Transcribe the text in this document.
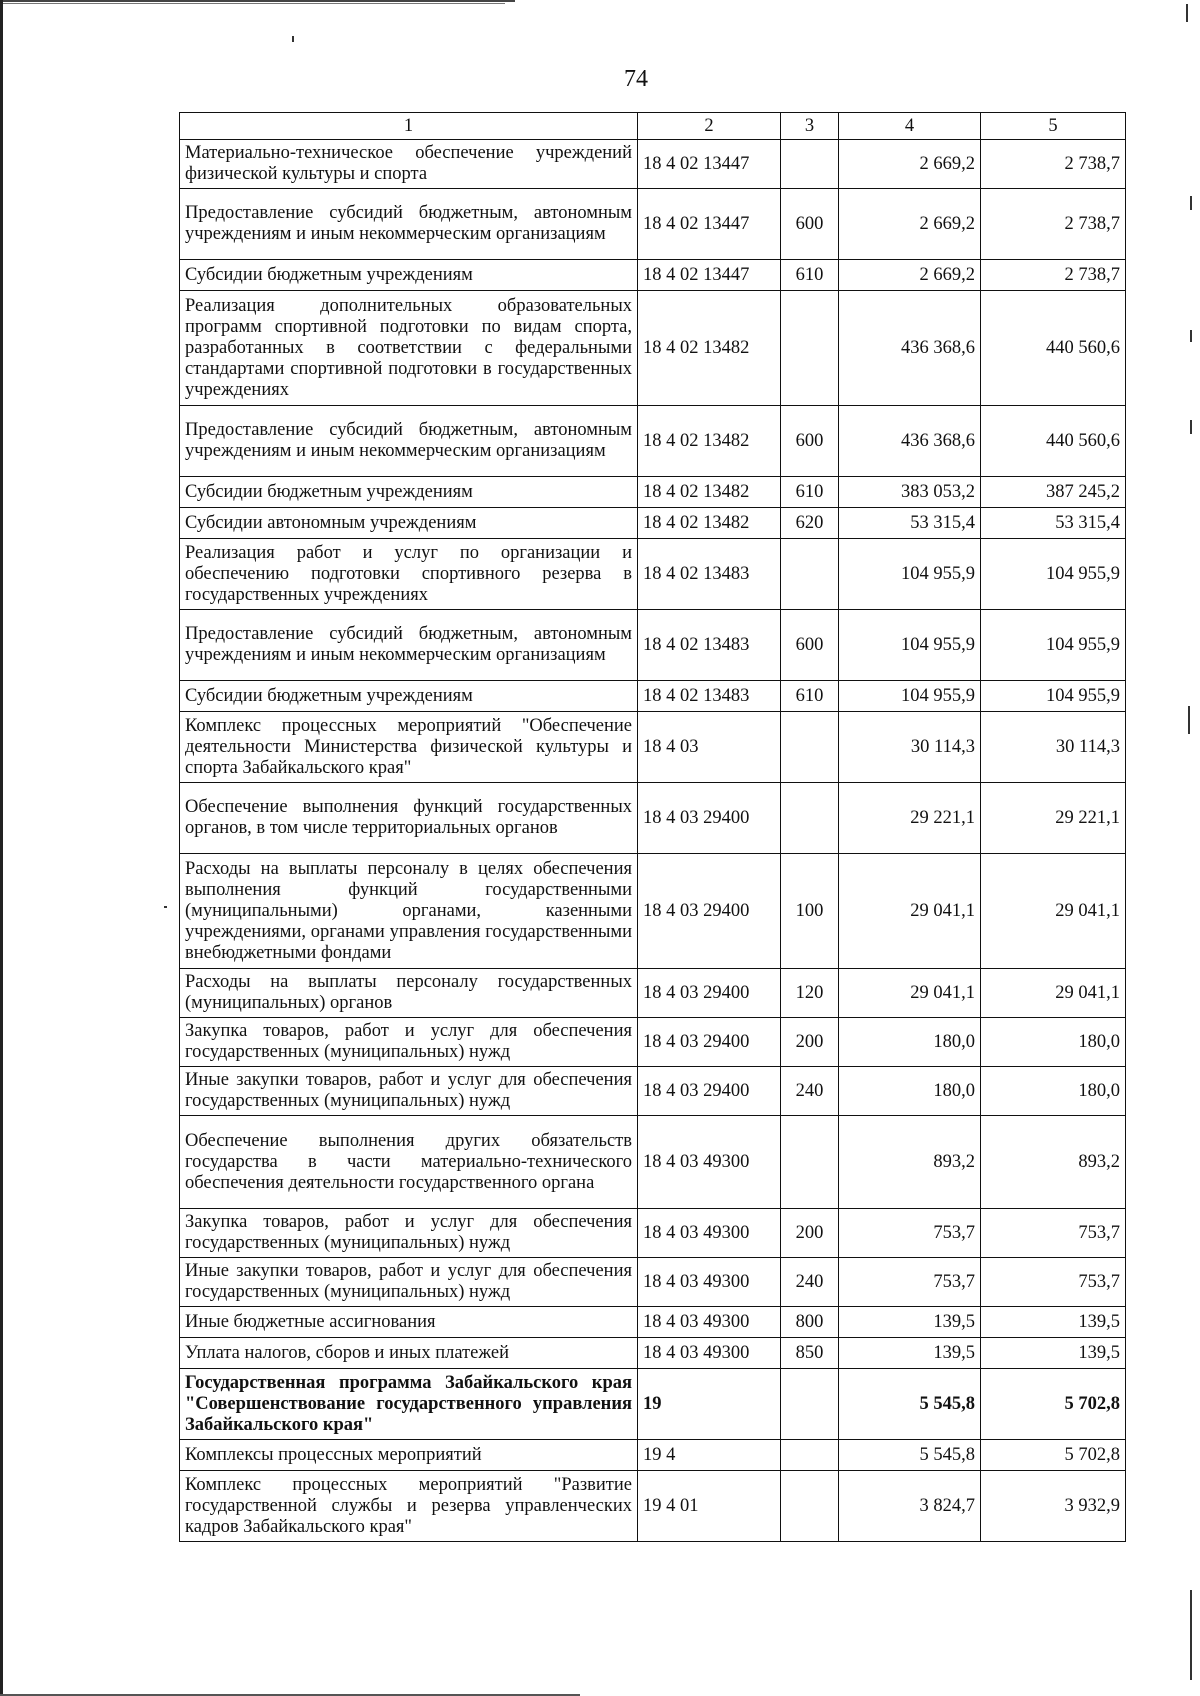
74
1	2	3	4	5
Материально-техническое обеспечение учреждений физической культуры и спорта	18 4 02 13447		2 669,2	2 738,7
Предоставление субсидий бюджетным, автономным учреждениям и иным некоммерческим организациям	18 4 02 13447	600	2 669,2	2 738,7
Субсидии бюджетным учреждениям	18 4 02 13447	610	2 669,2	2 738,7
Реализация дополнительных образовательных программ спортивной подготовки по видам спорта, разработанных в соответствии с федеральными стандартами спортивной подготовки в государственных учреждениях	18 4 02 13482		436 368,6	440 560,6
Предоставление субсидий бюджетным, автономным учреждениям и иным некоммерческим организациям	18 4 02 13482	600	436 368,6	440 560,6
Субсидии бюджетным учреждениям	18 4 02 13482	610	383 053,2	387 245,2
Субсидии автономным учреждениям	18 4 02 13482	620	53 315,4	53 315,4
Реализация работ и услуг по организации и обеспечению подготовки спортивного резерва в государственных учреждениях	18 4 02 13483		104 955,9	104 955,9
Предоставление субсидий бюджетным, автономным учреждениям и иным некоммерческим организациям	18 4 02 13483	600	104 955,9	104 955,9
Субсидии бюджетным учреждениям	18 4 02 13483	610	104 955,9	104 955,9
Комплекс процессных мероприятий "Обеспечение деятельности Министерства физической культуры и спорта Забайкальского края"	18 4 03		30 114,3	30 114,3
Обеспечение выполнения функций государственных органов, в том числе территориальных органов	18 4 03 29400		29 221,1	29 221,1
Расходы на выплаты персоналу в целях обеспечения выполнения функций государственными (муниципальными) органами, казенными учреждениями, органами управления государственными внебюджетными фондами	18 4 03 29400	100	29 041,1	29 041,1
Расходы на выплаты персоналу государственных (муниципальных) органов	18 4 03 29400	120	29 041,1	29 041,1
Закупка товаров, работ и услуг для обеспечения государственных (муниципальных) нужд	18 4 03 29400	200	180,0	180,0
Иные закупки товаров, работ и услуг для обеспечения государственных (муниципальных) нужд	18 4 03 29400	240	180,0	180,0
Обеспечение выполнения других обязательств государства в части материально-технического обеспечения деятельности государственного органа	18 4 03 49300		893,2	893,2
Закупка товаров, работ и услуг для обеспечения государственных (муниципальных) нужд	18 4 03 49300	200	753,7	753,7
Иные закупки товаров, работ и услуг для обеспечения государственных (муниципальных) нужд	18 4 03 49300	240	753,7	753,7
Иные бюджетные ассигнования	18 4 03 49300	800	139,5	139,5
Уплата налогов, сборов и иных платежей	18 4 03 49300	850	139,5	139,5
Государственная программа Забайкальского края "Совершенствование государственного управления Забайкальского края"	19		5 545,8	5 702,8
Комплексы процессных мероприятий	19 4		5 545,8	5 702,8
Комплекс процессных мероприятий "Развитие государственной службы и резерва управленческих кадров Забайкальского края"	19 4 01		3 824,7	3 932,9
